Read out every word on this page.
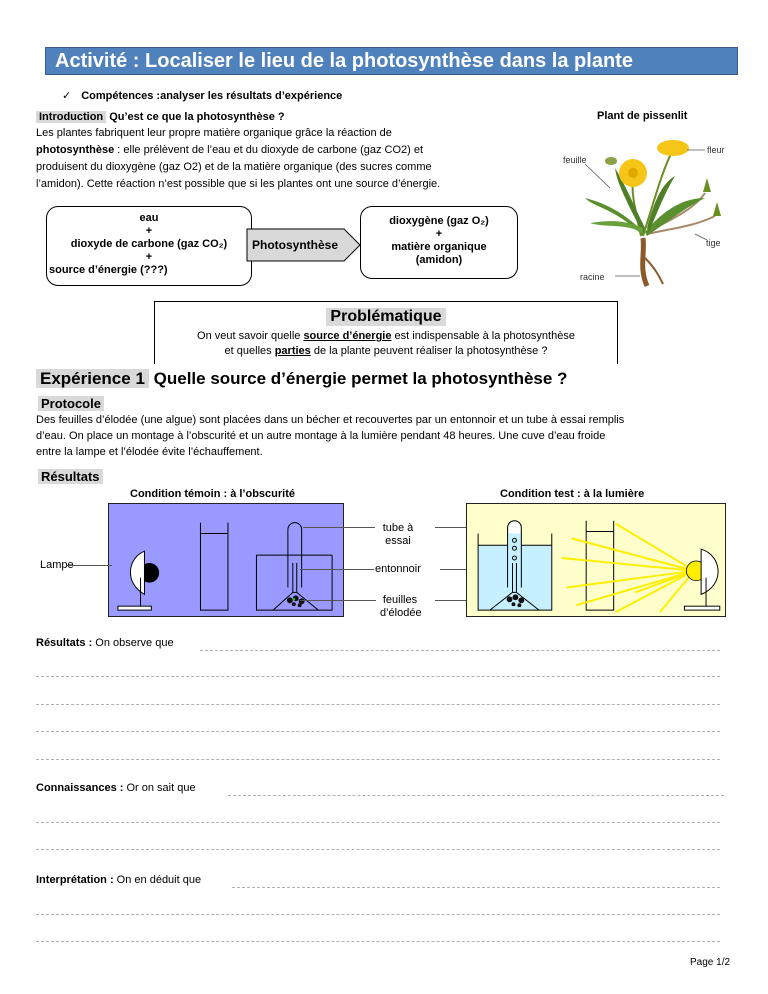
Activité : Localiser le lieu de la photosynthèse dans la plante
✓ Compétences :analyser les résultats d’expérience
Introduction Qu’est ce que la photosynthèse ?
Les plantes fabriquent leur propre matière organique grâce la réaction de
photosynthèse : elle prélèvent de l’eau et du dioxyde de carbone (gaz CO2) et
produisent du dioxygène (gaz O2) et de la matière organique (des sucres comme
l’amidon). Cette réaction n’est possible que si les plantes ont une source d’énergie.
eau
+
dioxyde de carbone (gaz CO₂)
+
source d’énergie (???)
Photosynthèse
dioxygène (gaz O₂)
+
matière organique
(amidon)
Plant de pissenlit
fleur
feuille
tige
racine
Problématique
On veut savoir quelle source d’énergie est indispensable à la photosynthèse
et quelles parties de la plante peuvent réaliser la photosynthèse ?
Expérience 1 Quelle source d’énergie permet la photosynthèse ?
Protocole
Des feuilles d’élodée (une algue) sont placées dans un bécher et recouvertes par un entonnoir et un tube à essai remplis
d’eau. On place un montage à l’obscurité et un autre montage à la lumière pendant 48 heures. Une cuve d’eau froide
entre la lampe et l’élodée évite l’échauffement.
Résultats
Condition témoin : à l’obscurité	Condition test : à la lumière
Lampe
tube à
essai
entonnoir
feuilles
d’élodée
Résultats : On observe que
Connaissances : Or on sait que
Interprétation : On en déduit que
Page 1/2
